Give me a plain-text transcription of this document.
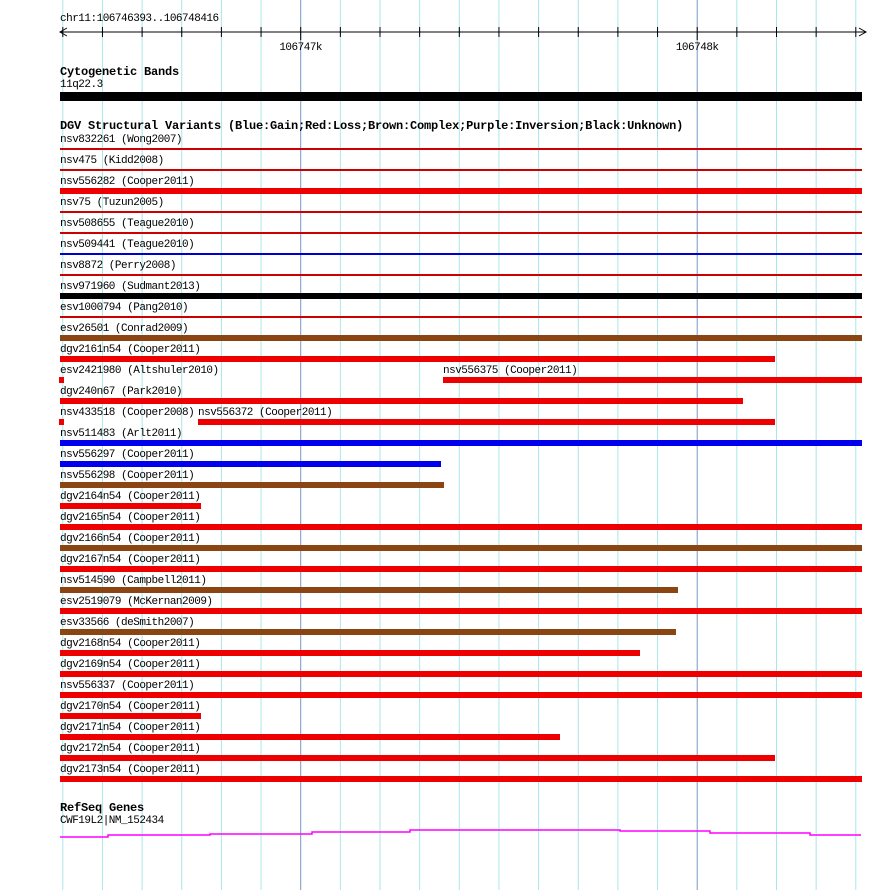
chr11:106746393..106748416
106747k	106748k
Cytogenetic Bands
11q22.3
DGV Structural Variants (Blue:Gain;Red:Loss;Brown:Complex;Purple:Inversion;Black:Unknown)
nsv832261 (Wong2007)
nsv475 (Kidd2008)
nsv556282 (Cooper2011)
nsv75 (Tuzun2005)
nsv508655 (Teague2010)
nsv509441 (Teague2010)
nsv8872 (Perry2008)
nsv971960 (Sudmant2013)
esv1000794 (Pang2010)
esv26501 (Conrad2009)
dgv2161n54 (Cooper2011)
esv2421980 (Altshuler2010)	nsv556375 (Cooper2011)
dgv240n67 (Park2010)
nsv433518 (Cooper2008) nsv556372 (Cooper2011)
nsv511483 (Arlt2011)
nsv556297 (Cooper2011)
nsv556298 (Cooper2011)
dgv2164n54 (Cooper2011)
dgv2165n54 (Cooper2011)
dgv2166n54 (Cooper2011)
dgv2167n54 (Cooper2011)
nsv514590 (Campbell2011)
esv2519079 (McKernan2009)
esv33566 (deSmith2007)
dgv2168n54 (Cooper2011)
dgv2169n54 (Cooper2011)
nsv556337 (Cooper2011)
dgv2170n54 (Cooper2011)
dgv2171n54 (Cooper2011)
dgv2172n54 (Cooper2011)
dgv2173n54 (Cooper2011)
RefSeq Genes
CWF19L2|NM_152434
